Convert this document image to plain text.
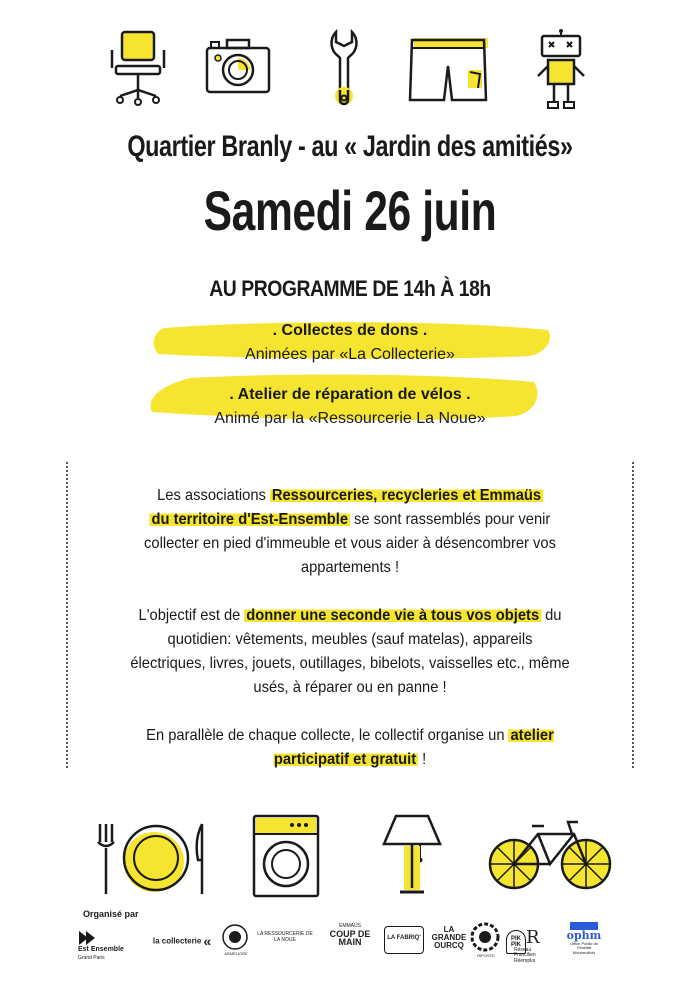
Quartier Branly - au « Jardin des amitiés»
Samedi 26 juin
AU PROGRAMME DE 14h À 18h
. Collectes de dons .
Animées par «La Collecterie»
. Atelier de réparation de vélos .
Animé par la «Ressourcerie La Noue»

Les associations Ressourceries, recycleries et Emmaüs
du territoire d'Est-Ensemble se sont rassemblés pour venir collecter en pied d'immeuble et vous aider à désencombrer vos appartements !

L'objectif est de donner une seconde vie à tous vos objets du quotidien: vêtements, meubles (sauf matelas), appareils électriques, livres, jouets, outillages, bibelots, vaisselles etc., même usés, à réparer ou en panne !

En parallèle de chaque collecte, le collectif organise un atelier participatif et gratuit !

Organisé par
Est Ensemble
Grand Paris
la collecterie «
ARMÉLIORE
LA RESSOURCERIE DE LA NOUE
EMMAÜS
COUP DE MAIN	LA FABRIQ'
LA GRANDE OURCQ
RIPOSTE
PIK PIK R Réseau Francilien Réemploi
ophm
Office Public de l'Habitat Montreuillois
